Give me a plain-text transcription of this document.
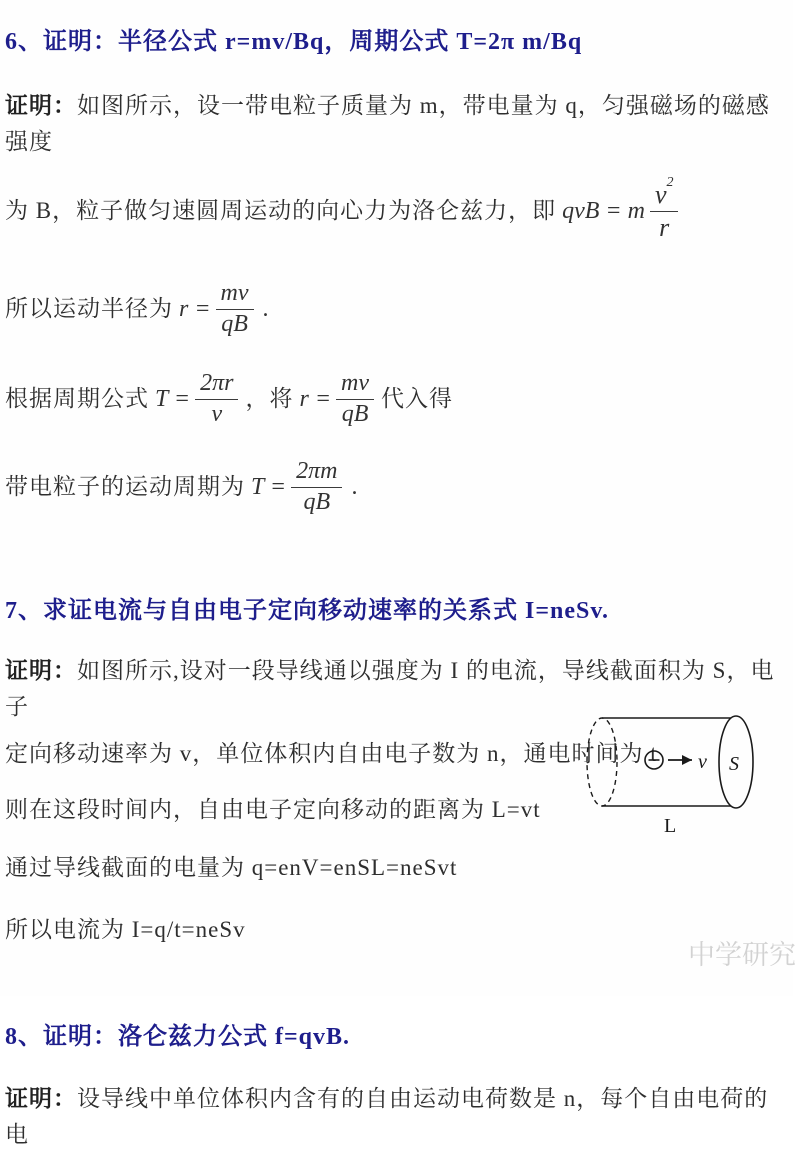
6、证明：半径公式 r=mv/Bq，周期公式 T=2π m/Bq

证明：如图所示，设一带电粒子质量为 m，带电量为 q，匀强磁场的磁感强度

为 B，粒子做匀速圆周运动的向心力为洛仑兹力，即 qvB = m $\frac{v^2}{r}$

所以运动半径为 $r = \frac{mv}{qB}$ .

根据周期公式 $T = \frac{2\pi r}{v}$ ，将 $r = \frac{mv}{qB}$ 代入得

带电粒子的运动周期为 $T = \frac{2\pi m}{qB}$ .

7、求证电流与自由电子定向移动速率的关系式 I=neSv.

证明：如图所示,设对一段导线通以强度为 I 的电流，导线截面积为 S，电子

定向移动速率为 v，单位体积内自由电子数为 n，通电时间为 t

则在这段时间内，自由电子定向移动的距离为 L=vt

通过导线截面的电量为 q=enV=enSL=neSvt

所以电流为 I=q/t=neSv

v S
L
8、证明：洛仑兹力公式 f=qvB.

证明：设导线中单位体积内含有的自由运动电荷数是 n，每个自由电荷的电

中学研究
